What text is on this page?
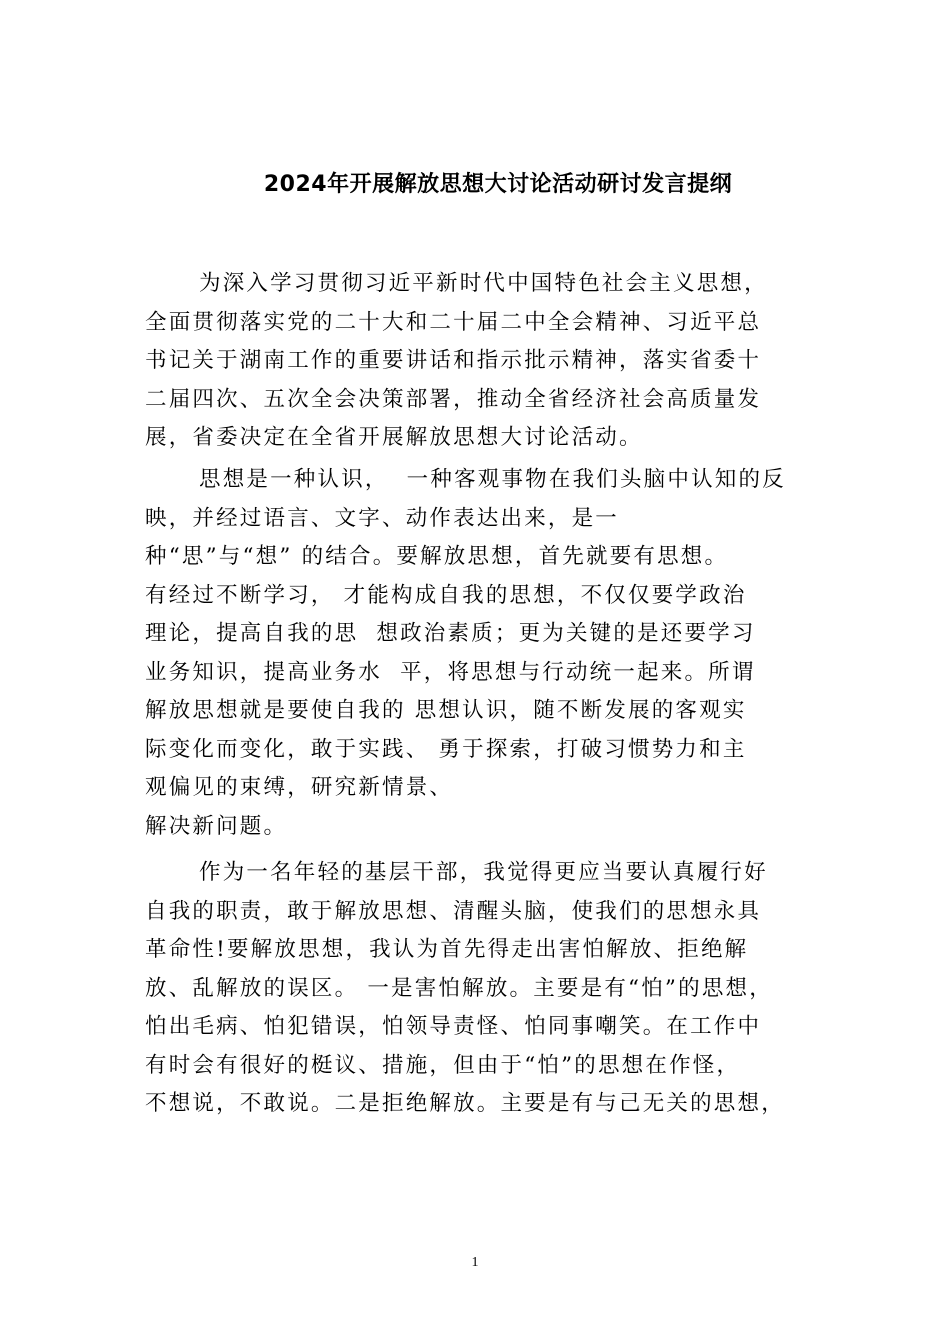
2024年开展解放思想大讨论活动研讨发言提纲
为深入学习贯彻习近平新时代中国特色社会主义思想，
全面贯彻落实党的二十大和二十届二中全会精神、习近平总
书记关于湖南工作的重要讲话和指示批示精神，落实省委十
二届四次、五次全会决策部署，推动全省经济社会高质量发
展，省委决定在全省开展解放思想大讨论活动。
思想是一种认识，  一种客观事物在我们头脑中认知的反
映，并经过语言、文字、动作表达出来，是一
种“思”与“想” 的结合。要解放思想，首先就要有思想。
有经过不断学习， 才能构成自我的思想，不仅仅要学政治
理论，提高自我的思  想政治素质；更为关键的是还要学习
业务知识，提高业务水  平，将思想与行动统一起来。所谓
解放思想就是要使自我的 思想认识，随不断发展的客观实
际变化而变化，敢于实践、 勇于探索，打破习惯势力和主
观偏见的束缚，研究新情景、
解决新问题。
作为一名年轻的基层干部，我觉得更应当要认真履行好
自我的职责，敢于解放思想、清醒头脑，使我们的思想永具
革命性!要解放思想，我认为首先得走出害怕解放、拒绝解
放、乱解放的误区。 一是害怕解放。主要是有“怕”的思想，
怕出毛病、怕犯错误，怕领导责怪、怕同事嘲笑。在工作中
有时会有很好的梃议、措施，但由于“怕”的思想在作怪，
不想说，不敢说。二是拒绝解放。主要是有与己无关的思想，
1
